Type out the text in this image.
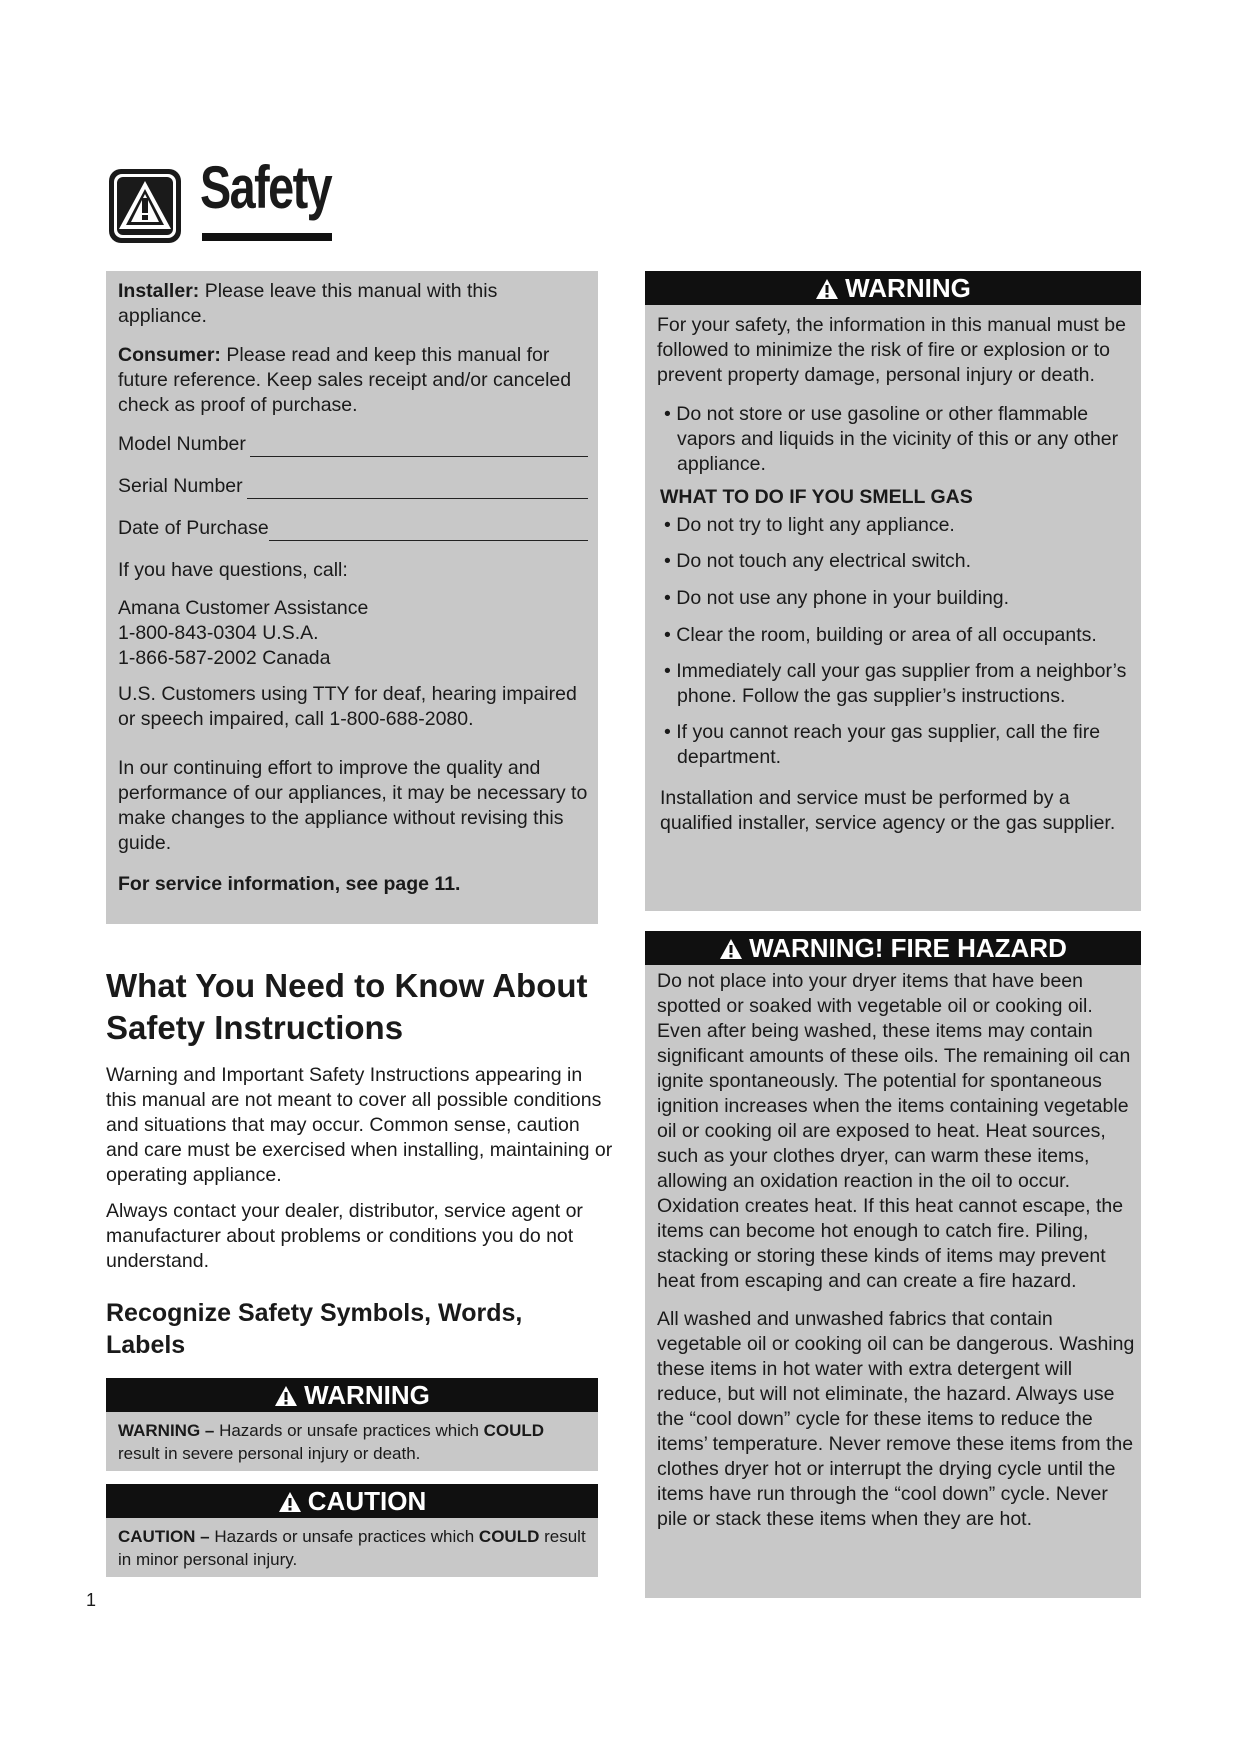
Safety

Installer: Please leave this manual with this appliance.

Consumer: Please read and keep this manual for future reference. Keep sales receipt and/or canceled check as proof of purchase.

Model Number
Serial Number
Date of Purchase

If you have questions, call:

Amana Customer Assistance

1-800-843-0304 U.S.A.

1-866-587-2002 Canada

U.S. Customers using TTY for deaf, hearing impaired or speech impaired, call 1-800-688-2080.

In our continuing effort to improve the quality and performance of our appliances, it may be necessary to make changes to the appliance without revising this guide.

For service information, see page 11.

WARNING

For your safety, the information in this manual must be followed to minimize the risk of fire or explosion or to prevent property damage, personal injury or death.

• Do not store or use gasoline or other flammable vapors and liquids in the vicinity of this or any other appliance.

WHAT TO DO IF YOU SMELL GAS

• Do not try to light any appliance.

• Do not touch any electrical switch.

• Do not use any phone in your building.

• Clear the room, building or area of all occupants.

• Immediately call your gas supplier from a neighbor’s phone. Follow the gas supplier’s instructions.

• If you cannot reach your gas supplier, call the fire department.

Installation and service must be performed by a qualified installer, service agency or the gas supplier.

WARNING! FIRE HAZARD

Do not place into your dryer items that have been spotted or soaked with vegetable oil or cooking oil. Even after being washed, these items may contain significant amounts of these oils. The remaining oil can ignite spontaneously. The potential for spontaneous ignition increases when the items containing vegetable oil or cooking oil are exposed to heat. Heat sources, such as your clothes dryer, can warm these items, allowing an oxidation reaction in the oil to occur. Oxidation creates heat. If this heat cannot escape, the items can become hot enough to catch fire. Piling, stacking or storing these kinds of items may prevent heat from escaping and can create a fire hazard.

All washed and unwashed fabrics that contain vegetable oil or cooking oil can be dangerous. Washing these items in hot water with extra detergent will reduce, but will not eliminate, the hazard. Always use the “cool down” cycle for these items to reduce the items’ temperature. Never remove these items from the clothes dryer hot or interrupt the drying cycle until the items have run through the “cool down” cycle. Never pile or stack these items when they are hot.

What You Need to Know About Safety Instructions

Warning and Important Safety Instructions appearing in this manual are not meant to cover all possible conditions and situations that may occur. Common sense, caution and care must be exercised when installing, maintaining or operating appliance.

Always contact your dealer, distributor, service agent or manufacturer about problems or conditions you do not understand.

Recognize Safety Symbols, Words, Labels
WARNING
WARNING – Hazards or unsafe practices which COULD result in severe personal injury or death.
CAUTION
CAUTION – Hazards or unsafe practices which COULD result in minor personal injury.
1
